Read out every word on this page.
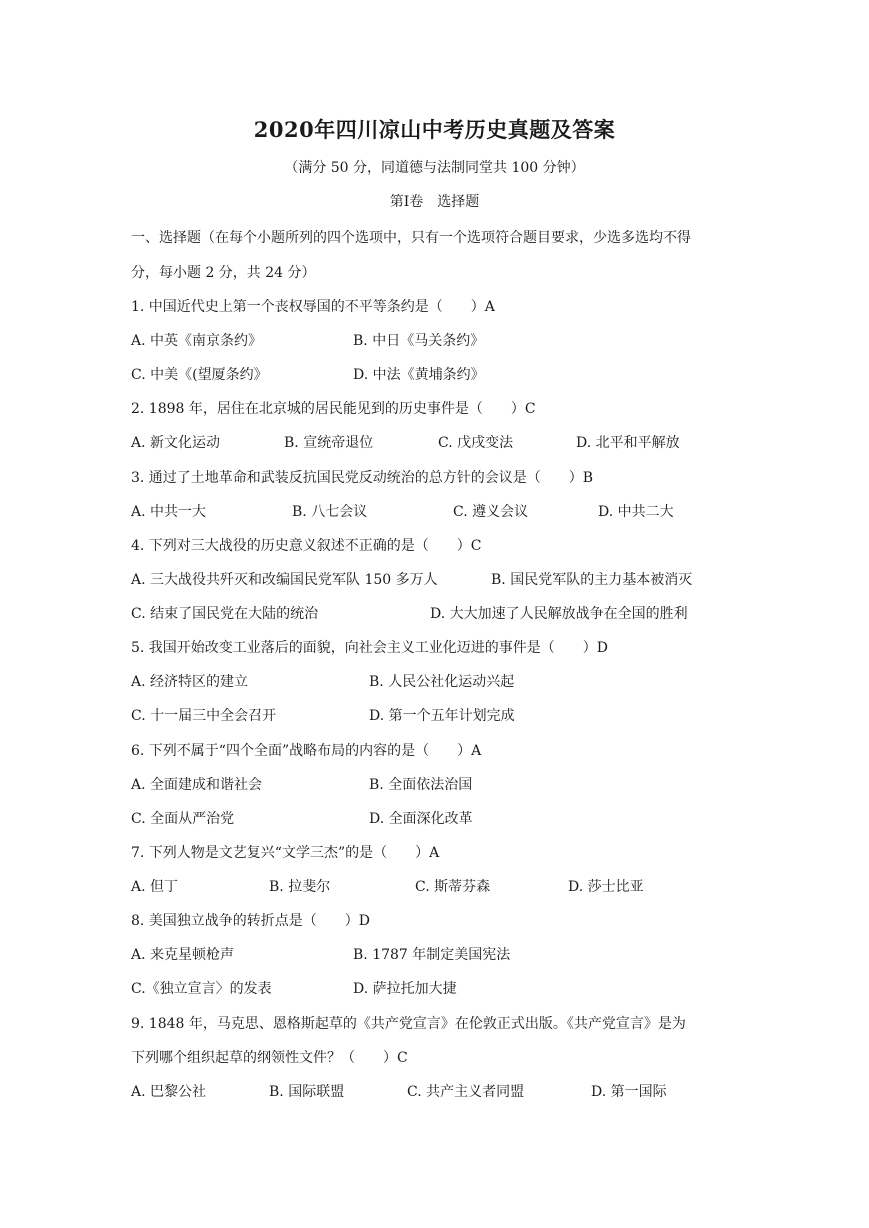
2020年四川凉山中考历史真题及答案
（满分 50 分，同道德与法制同堂共 100 分钟）
第Ⅰ卷　选择题
一、选择题（在每个小题所列的四个选项中，只有一个选项符合题目要求，少选多选均不得
分，每小题 2 分，共 24 分）
1. 中国近代史上第一个丧权辱国的不平等条约是（　　）A
A. 中英《南京条约》	B. 中日《马关条约》
C. 中美《(望厦条约》	D. 中法《黄埔条约》
2. 1898 年，居住在北京城的居民能见到的历史事件是（　　）C
A. 新文化运动	B. 宣统帝退位	C. 戊戌变法	D. 北平和平解放
3. 通过了土地革命和武装反抗国民党反动统治的总方针的会议是（　　）B
A. 中共一大	B. 八七会议	C. 遵义会议	D. 中共二大
4. 下列对三大战役的历史意义叙述不正确的是（　　）C
A. 三大战役共歼灭和改编国民党军队 150 多万人	B. 国民党军队的主力基本被消灭
C. 结束了国民党在大陆的统治	D. 大大加速了人民解放战争在全国的胜利
5. 我国开始改变工业落后的面貌，向社会主义工业化迈进的事件是（　　）D
A. 经济特区的建立	B. 人民公社化运动兴起
C. 十一届三中全会召开	D. 第一个五年计划完成
6. 下列不属于“四个全面”战略布局的内容的是（　　）A
A. 全面建成和谐社会	B. 全面依法治国
C. 全面从严治党	D. 全面深化改革
7. 下列人物是文艺复兴“文学三杰”的是（　　）A
A. 但丁	B. 拉斐尔	C. 斯蒂芬森	D. 莎士比亚
8. 美国独立战争的转折点是（　　）D
A. 来克星顿枪声	B. 1787 年制定美国宪法
C.《独立宣言〉的发表	D. 萨拉托加大捷
9. 1848 年，马克思、恩格斯起草的《共产党宣言》在伦敦正式出版。《共产党宣言》是为
下列哪个组织起草的纲领性文件？（　　）C
A. 巴黎公社	B. 国际联盟	C. 共产主义者同盟	D. 第一国际
